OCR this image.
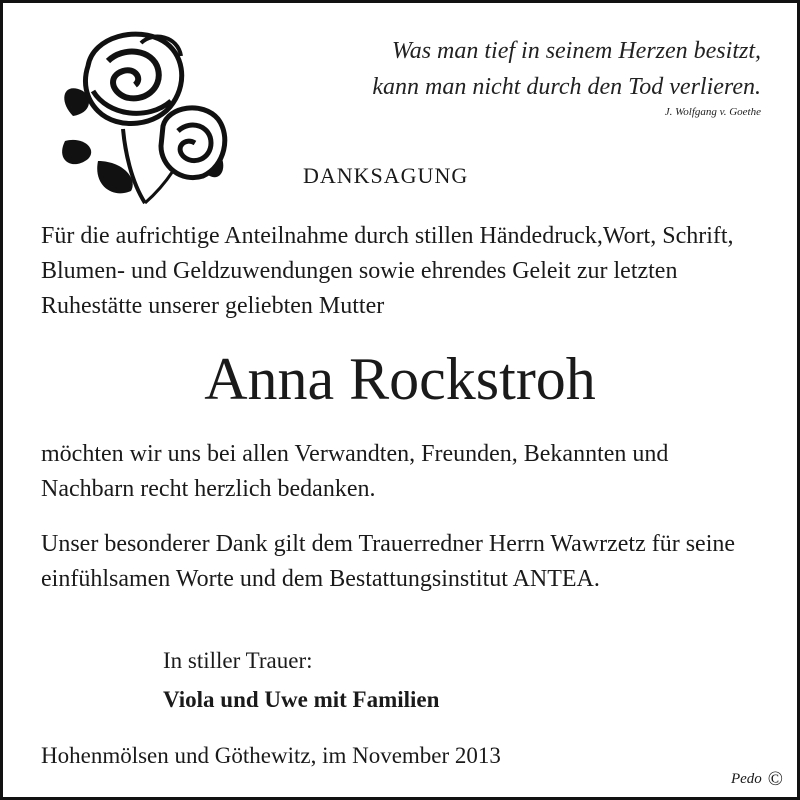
Was man tief in seinem Herzen besitzt,
kann man nicht durch den Tod verlieren.
J. Wolfgang v. Goethe
DANKSAGUNG
Für die aufrichtige Anteilnahme durch stillen Händedruck,Wort, Schrift, Blumen- und Geldzuwendungen sowie ehrendes Geleit zur letzten Ruhestätte unserer geliebten Mutter
Anna Rockstroh
möchten wir uns bei allen Verwandten, Freunden, Bekannten und Nachbarn recht herzlich bedanken.
Unser besonderer Dank gilt dem Trauerredner Herrn Wawrzetz für seine einfühlsamen Worte und dem Bestattungsinstitut ANTEA.
In stiller Trauer:
Viola und Uwe mit Familien
Hohenmölsen und Göthewitz, im November 2013
Pedo ©
